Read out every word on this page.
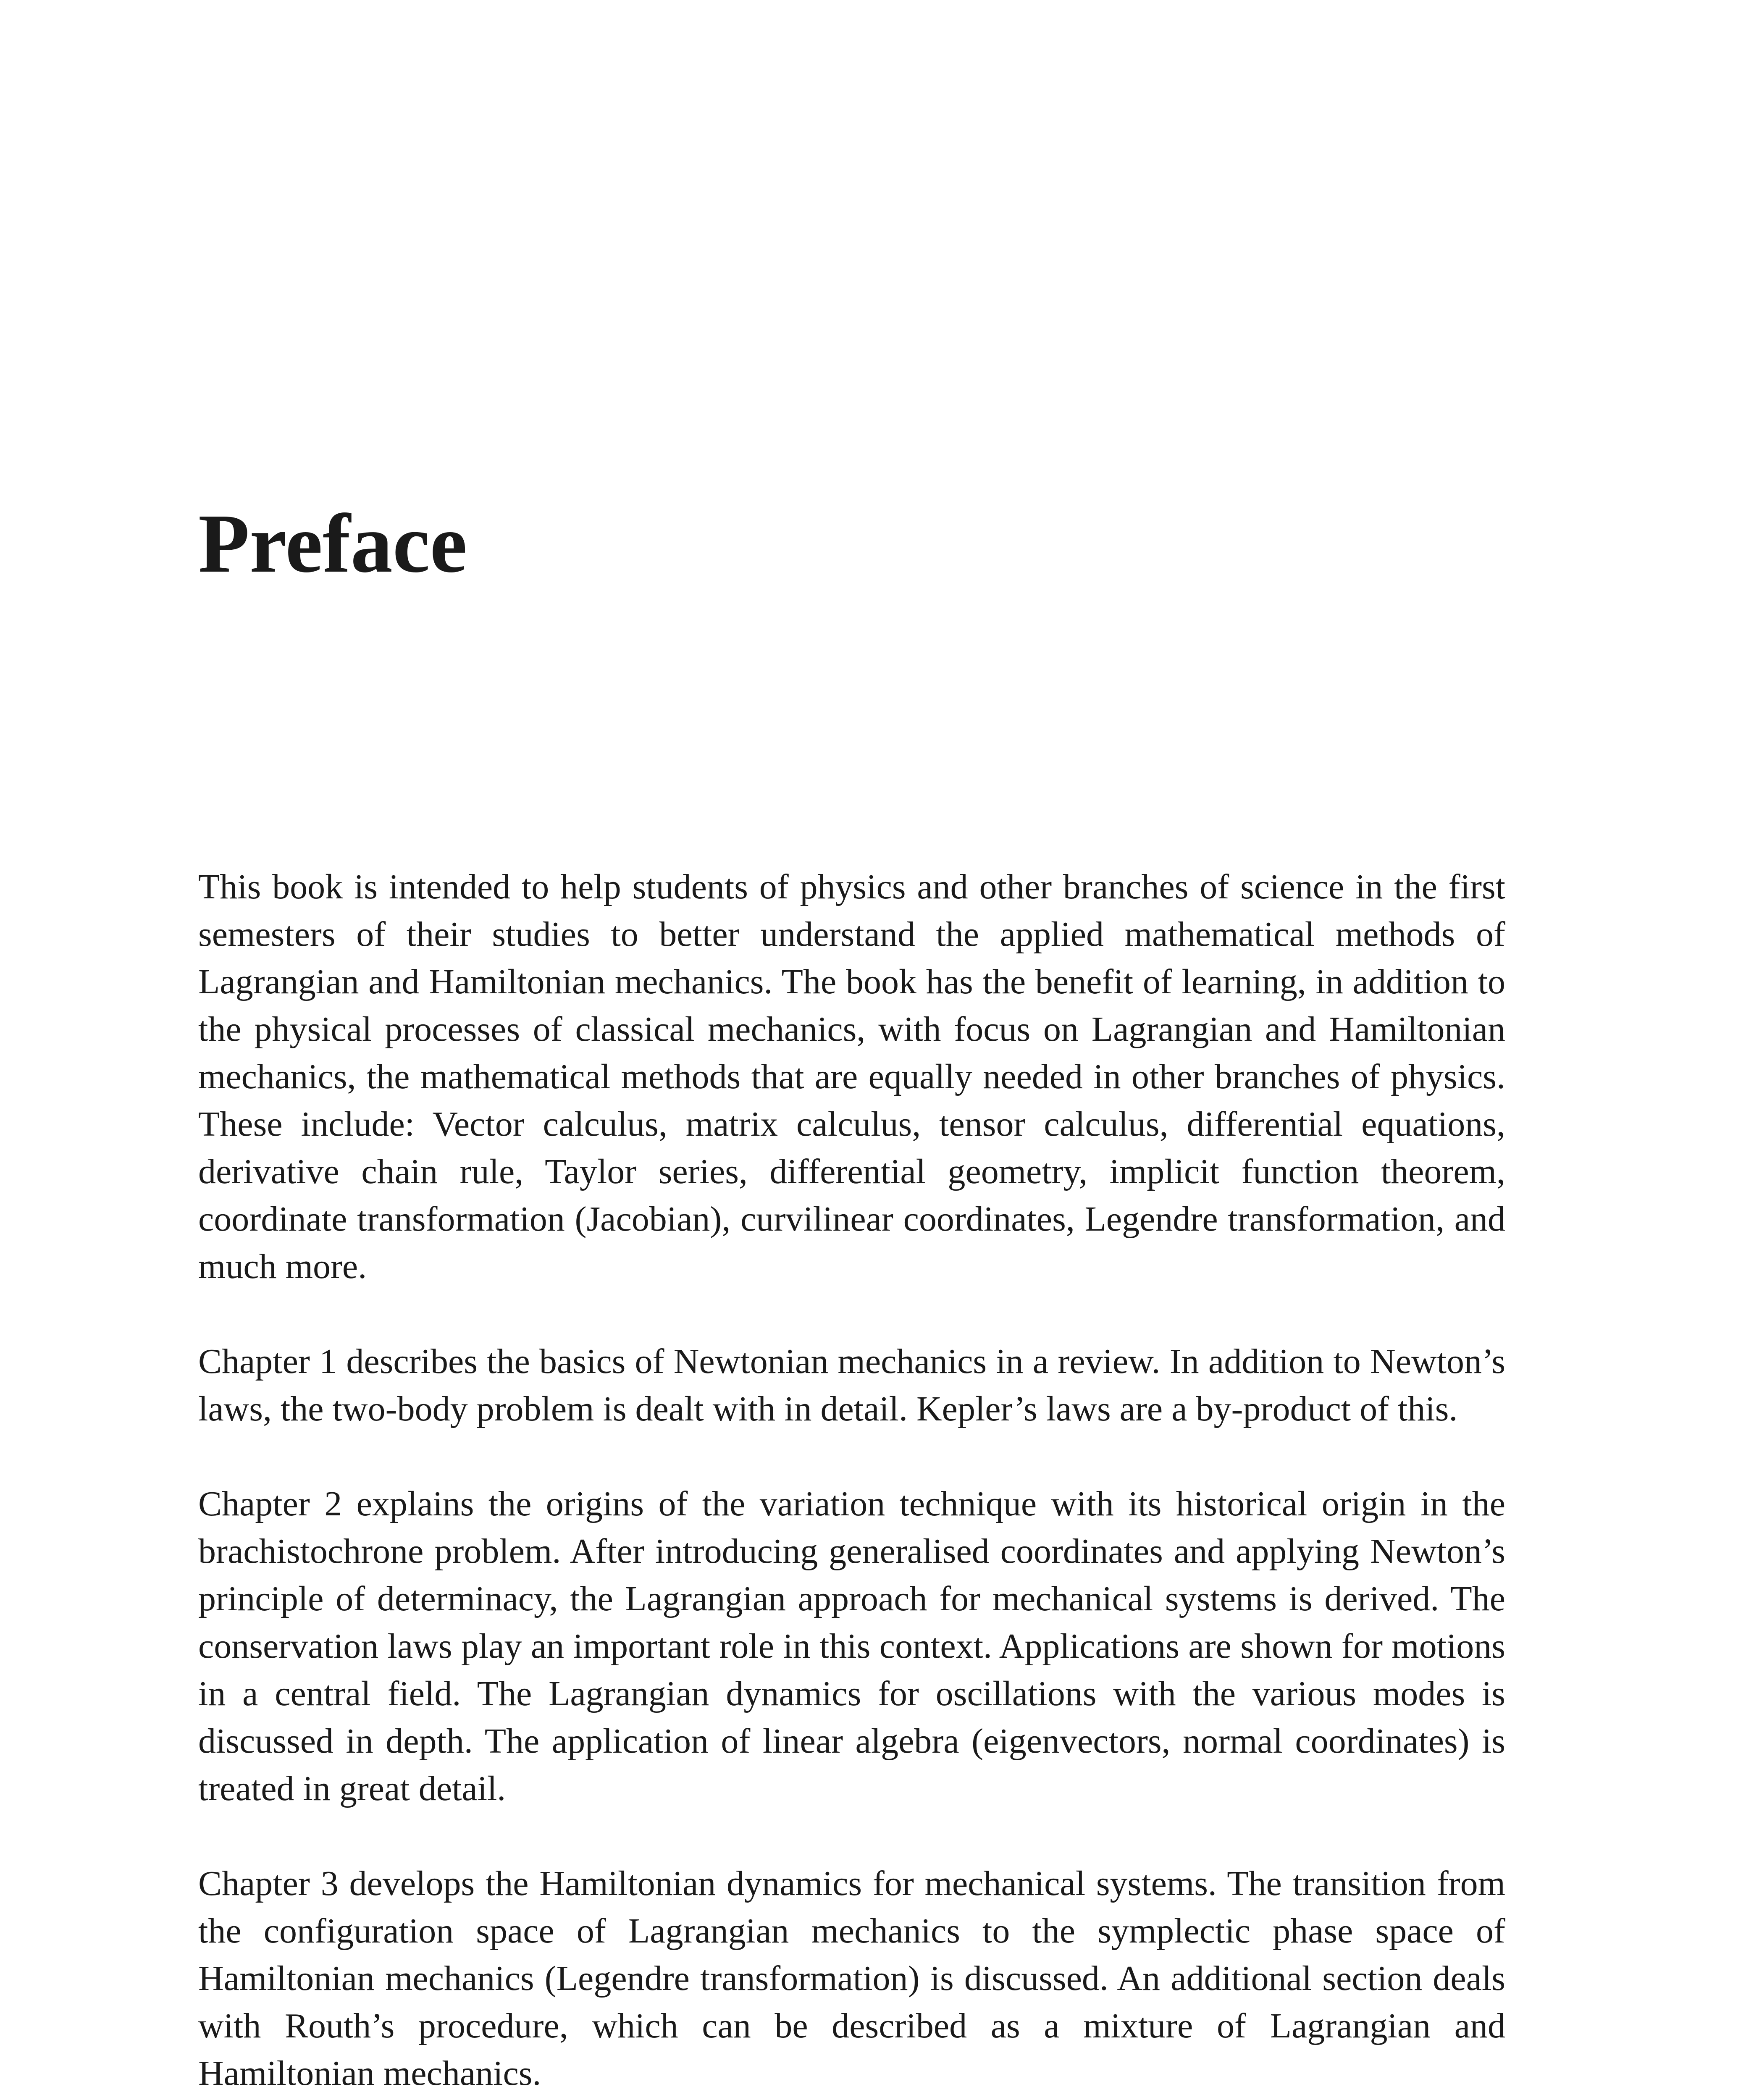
Preface

This book is intended to help students of physics and other branches of science in the first semesters of their studies to better understand the applied mathematical methods of Lagrangian and Hamiltonian mechanics. The book has the benefit of learning, in addition to the physical processes of classical mechanics, with focus on Lagrangian and Hamiltonian mechanics, the mathematical methods that are equally needed in other branches of physics. These include: Vector calculus, matrix calculus, tensor calculus, differential equations, derivative chain rule, Taylor series, differential geometry, implicit function theorem, coordinate transformation (Jacobian), curvilinear coordinates, Legendre transformation, and much more.

Chapter 1 describes the basics of Newtonian mechanics in a review. In addition to Newton’s laws, the two-body problem is dealt with in detail. Kepler’s laws are a by-product of this.

Chapter 2 explains the origins of the variation technique with its historical origin in the brachistochrone problem. After introducing generalised coordinates and applying Newton’s principle of determinacy, the Lagrangian approach for mechanical systems is derived. The conservation laws play an important role in this context. Applications are shown for motions in a central field. The Lagrangian dynamics for oscillations with the various modes is discussed in depth. The application of linear algebra (eigenvectors, normal coordinates) is treated in great detail.

Chapter 3 develops the Hamiltonian dynamics for mechanical systems. The transition from the configuration space of Lagrangian mechanics to the symplectic phase space of Hamiltonian mechanics (Legendre transformation) is discussed. An additional section deals with Routh’s procedure, which can be described as a mixture of Lagrangian and Hamiltonian mechanics.
